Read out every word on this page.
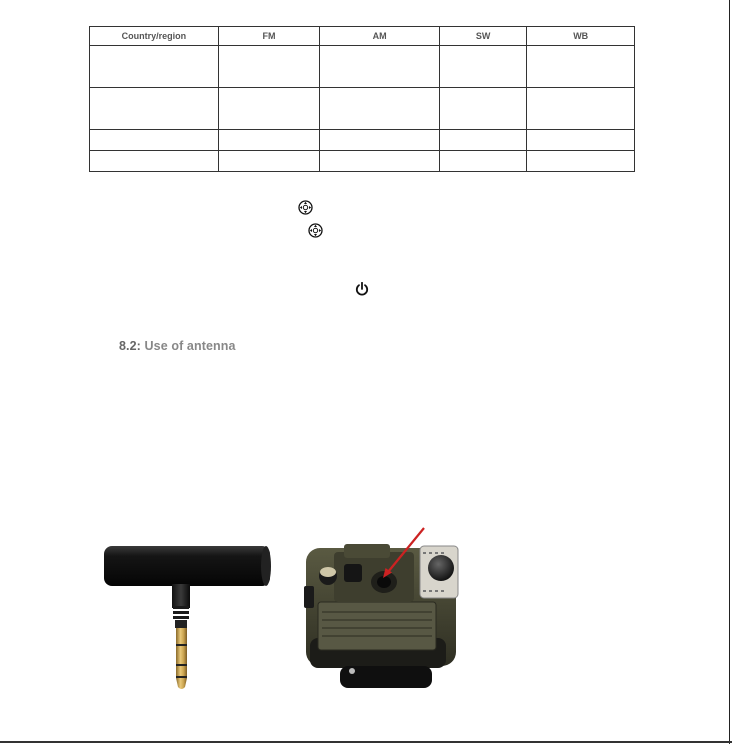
Country/region	FM	AM	SW	WB

8.2: Use of antenna
